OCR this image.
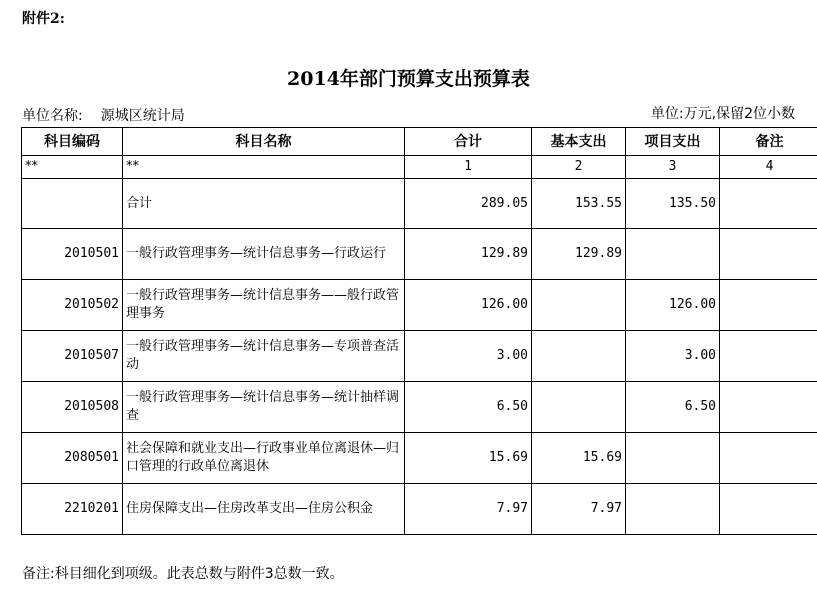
附件2:
2014年部门预算支出预算表
单位名称: 源城区统计局	单位:万元,保留2位小数
科目编码	科目名称	合计	基本支出	项目支出	备注
**	**	1	2	3	4
	合计	289.05	153.55	135.50	
2010501	一般行政管理事务—统计信息事务—行政运行	129.89	129.89		
2010502	一般行政管理事务—统计信息事务——般行政管理事务	126.00		126.00	
2010507	一般行政管理事务—统计信息事务—专项普查活动	3.00		3.00	
2010508	一般行政管理事务—统计信息事务—统计抽样调查	6.50		6.50	
2080501	社会保障和就业支出—行政事业单位离退休—归口管理的行政单位离退休	15.69	15.69		
2210201	住房保障支出—住房改革支出—住房公积金	7.97	7.97		
备注:科目细化到项级。此表总数与附件3总数一致。
